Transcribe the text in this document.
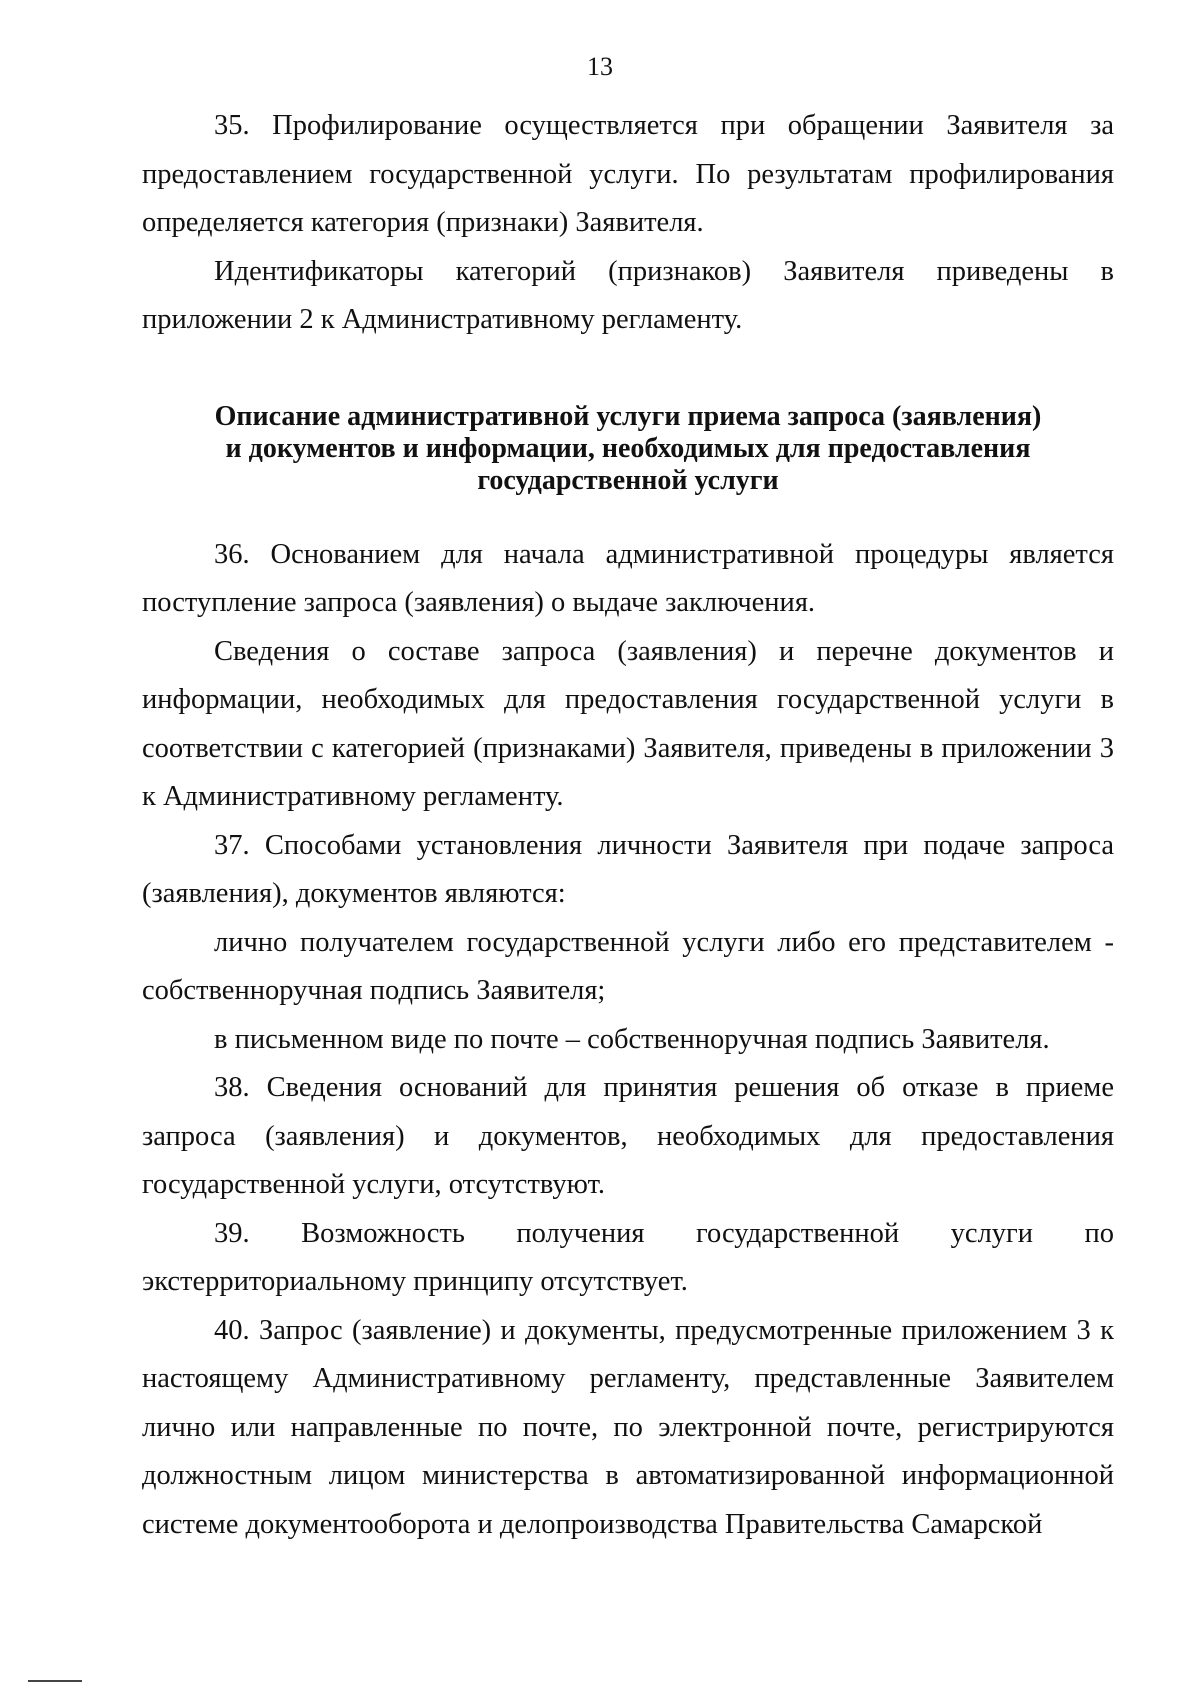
13

35. Профилирование осуществляется при обращении Заявителя за предоставлением государственной услуги. По результатам профилирования определяется категория (признаки) Заявителя.

Идентификаторы категорий (признаков) Заявителя приведены в приложении 2 к Административному регламенту.

Описание административной услуги приема запроса (заявления)
и документов и информации, необходимых для предоставления
государственной услуги

36. Основанием для начала административной процедуры является поступление запроса (заявления) о выдаче заключения.

Сведения о составе запроса (заявления) и перечне документов и информации, необходимых для предоставления государственной услуги в соответствии с категорией (признаками) Заявителя, приведены в приложении 3 к Административному регламенту.

37. Способами установления личности Заявителя при подаче запроса (заявления), документов являются:

лично получателем государственной услуги либо его представителем - собственноручная подпись Заявителя;

в письменном виде по почте – собственноручная подпись Заявителя.

38. Сведения оснований для принятия решения об отказе в приеме запроса (заявления) и документов, необходимых для предоставления государственной услуги, отсутствуют.

39. Возможность получения государственной услуги по экстерриториальному принципу отсутствует.

40. Запрос (заявление) и документы, предусмотренные приложением 3 к настоящему Административному регламенту, представленные Заявителем лично или направленные по почте, по электронной почте, регистрируются должностным лицом министерства в автоматизированной информационной системе документооборота и делопроизводства Правительства Самарской
